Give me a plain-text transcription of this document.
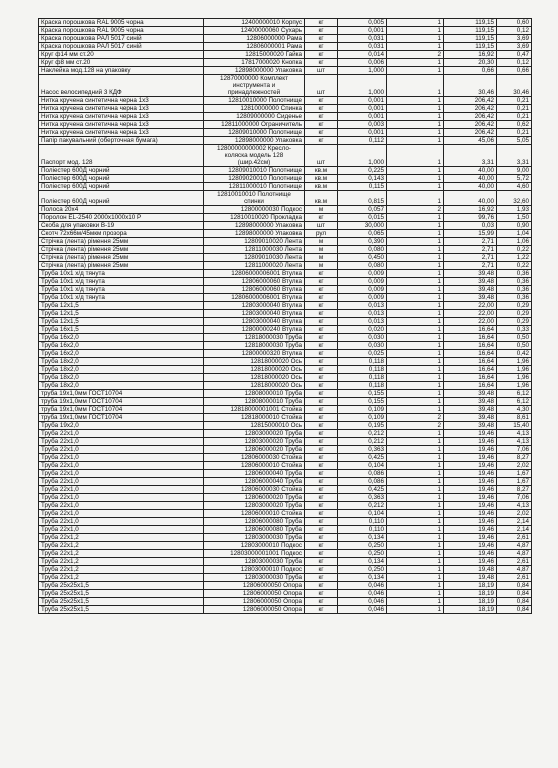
Краска порошкова RAL 9005 чорна	12400000010 Корпус	кг	0,005	1	119,15	0,60
Краска порошкова RAL 9005 чорна	12400000060 Сухарь	кг	0,001	1	119,15	0,12
Краска порошкова РАЛ 5017 синій	12806000000 Рама	кг	0,031	1	119,15	3,69
Краска порошкова РАЛ 5017 синій	12806000001 Рама	кг	0,031	1	119,15	3,69
Круг ф14 мм ст.20	12815000020 Гайка	кг	0,014	2	16,92	0,47
Круг ф8 мм ст.20	17817000020 Кнопка	кг	0,006	1	20,30	0,12
Наклейка мод.128 на упаковку	12898000000 Упаковка	шт	1,000	1	0,66	0,66
Насос велосипедний 3 КДФ	12870000000 Комплект
инструмента и
принадлежностей	шт	1,000	1	30,46	30,46
Нитка кручена синтетична черна 1х3	12810010000 Полотнище	кг	0,001	1	206,42	0,21
Нитка кручена синтетична черна 1х3	12810000000 Спинка	кг	0,001	1	206,42	0,21
Нитка кручена синтетична черна 1х3	12809000000 Сиденье	кг	0,001	1	206,42	0,21
Нитка кручена синтетична черна 1х3	12811000000 Ограничитель	кг	0,003	1	206,42	0,62
Нитка кручена синтетична черна 1х3	12809010000 Полотнище	кг	0,001	1	206,42	0,21
Папір пакувальний (оберточная бумага)	12898000000 Упаковка	кг	0,112	1	45,06	5,05
Паспорт мод. 128	12800000000002 Кресло-
коляска модель 128
(шир.42см)	шт	1,000	1	3,31	3,31
Полiестер 600Д чорний	12809010010 Полотнище	кв.м	0,225	1	40,00	9,00
Полiестер 600Д чорний	12809020010 Полотнище	кв.м	0,143	1	40,00	5,72
Полiестер 600Д чорний	12811000010 Полотнище	кв.м	0,115	1	40,00	4,60
Полiестер 600Д чорний	12810010010 Полотнище
спинки	кв.м	0,815	1	40,00	32,60
Полоса 20х4	12800000030 Подкос	м	0,057	2	16,92	1,93
Поролон EL-2540 2000х1000х10 Р	12810010020 Прокладка	кг	0,015	1	99,76	1,50
Скоба для упаковки В-19	12898000000 Упаковка	шт	30,000	1	0,03	0,90
Скотч 72х66м/45мкм прозора	12898000000 Упаковка	рул	0,065	1	15,99	1,04
Стрічка (лента) рімення 25мм	12809010020 Лента	м	0,390	1	2,71	1,06
Стрічка (лента) рімення 25мм	12811000030 Лента	м	0,080	1	2,71	0,22
Стрічка (лента) рімення 25мм	12809010030 Лента	м	0,450	1	2,71	1,22
Стрічка (лента) рімення 25мм	12811000020 Лента	м	0,080	1	2,71	0,22
Труба 10х1 х/д тянута	12806000006001 Втулка	кг	0,009	1	39,48	0,36
Труба 10х1 х/д тянута	12806000060 Втулка	кг	0,009	1	39,48	0,36
Труба 10х1 х/д тянута	12806000060 Втулка	кг	0,009	1	39,48	0,36
Труба 10х1 х/д тянута	12806000006001 Втулка	кг	0,009	1	39,48	0,36
Труба 12х1,5	12803000040 Втулка	кг	0,013	1	22,00	0,29
Труба 12х1,5	12803000040 Втулка	кг	0,013	1	22,00	0,29
Труба 12х1,5	12803000040 Втулка	кг	0,013	1	22,00	0,29
Труба 16х1,5	12800000240 Втулка	кг	0,020	1	16,64	0,33
Труба 16х2,0	12818000030 Труба	кг	0,030	1	16,64	0,50
Труба 16х2,0	12818000030 Труба	кг	0,030	1	16,64	0,50
Труба 16х2,0	12800000320 Втулка	кг	0,025	1	16,64	0,42
Труба 18х2,0	12818000020 Ось	кг	0,118	1	16,64	1,96
Труба 18х2,0	12818000020 Ось	кг	0,118	1	16,64	1,96
Труба 18х2,0	12818000020 Ось	кг	0,118	1	16,64	1,96
Труба 18х2,0	12818000020 Ось	кг	0,118	1	16,64	1,96
труба 19х1,0мм ГОСТ10704	12808000010 Труба	кг	0,155	1	39,48	6,12
труба 19х1,0мм ГОСТ10704	12808000010 Труба	кг	0,155	1	39,48	6,12
труба 19х1,0мм ГОСТ10704	12818000001001 Стойка	кг	0,109	1	39,48	4,30
труба 19х1,0мм ГОСТ10704	12818000010 Стойка	кг	0,109	2	39,48	8,61
Труба 19х2,0	12815000010 Ось	кг	0,195	2	39,48	15,40
Труба 22х1,0	12803000020 Труба	кг	0,212	1	19,46	4,13
Труба 22х1,0	12803000020 Труба	кг	0,212	1	19,46	4,13
Труба 22х1,0	12806000020 Труба	кг	0,363	1	19,46	7,06
Труба 22х1,0	12806000030 Стойка	кг	0,425	1	19,46	8,27
Труба 22х1,0	12806000010 Стойка	кг	0,104	1	19,46	2,02
Труба 22х1,0	12806000040 Труба	кг	0,086	1	19,46	1,67
Труба 22х1,0	12806000040 Труба	кг	0,086	1	19,46	1,67
Труба 22х1,0	12806000030 Стойка	кг	0,425	1	19,46	8,27
Труба 22х1,0	12806000020 Труба	кг	0,363	1	19,46	7,06
Труба 22х1,0	12803000020 Труба	кг	0,212	1	19,46	4,13
Труба 22х1,0	12806000010 Стойка	кг	0,104	1	19,46	2,02
Труба 22х1,0	12806000080 Труба	кг	0,110	1	19,46	2,14
Труба 22х1,0	12806000080 Труба	кг	0,110	1	19,46	2,14
Труба 22х1,2	12803000030 Труба	кг	0,134	1	19,46	2,61
Труба 22х1,2	12803000010 Подкос	кг	0,250	1	19,46	4,87
Труба 22х1,2	12803000001001 Подкос	кг	0,250	1	19,46	4,87
Труба 22х1,2	12803000030 Труба	кг	0,134	1	19,46	2,61
Труба 22х1,2	12803000010 Подкос	кг	0,250	1	19,48	4,87
Труба 22х1,2	12803000030 Труба	кг	0,134	1	19,48	2,61
Труба 25х25х1,5	12806000050 Опора	кг	0,046	1	18,19	0,84
Труба 25х25х1,5	12806000050 Опора	кг	0,046	1	18,19	0,84
Труба 25х25х1,5	12806000050 Опора	кг	0,046	1	18,19	0,84
Труба 25х25х1,5	12806000050 Опора	кг	0,046	1	18,19	0,84
